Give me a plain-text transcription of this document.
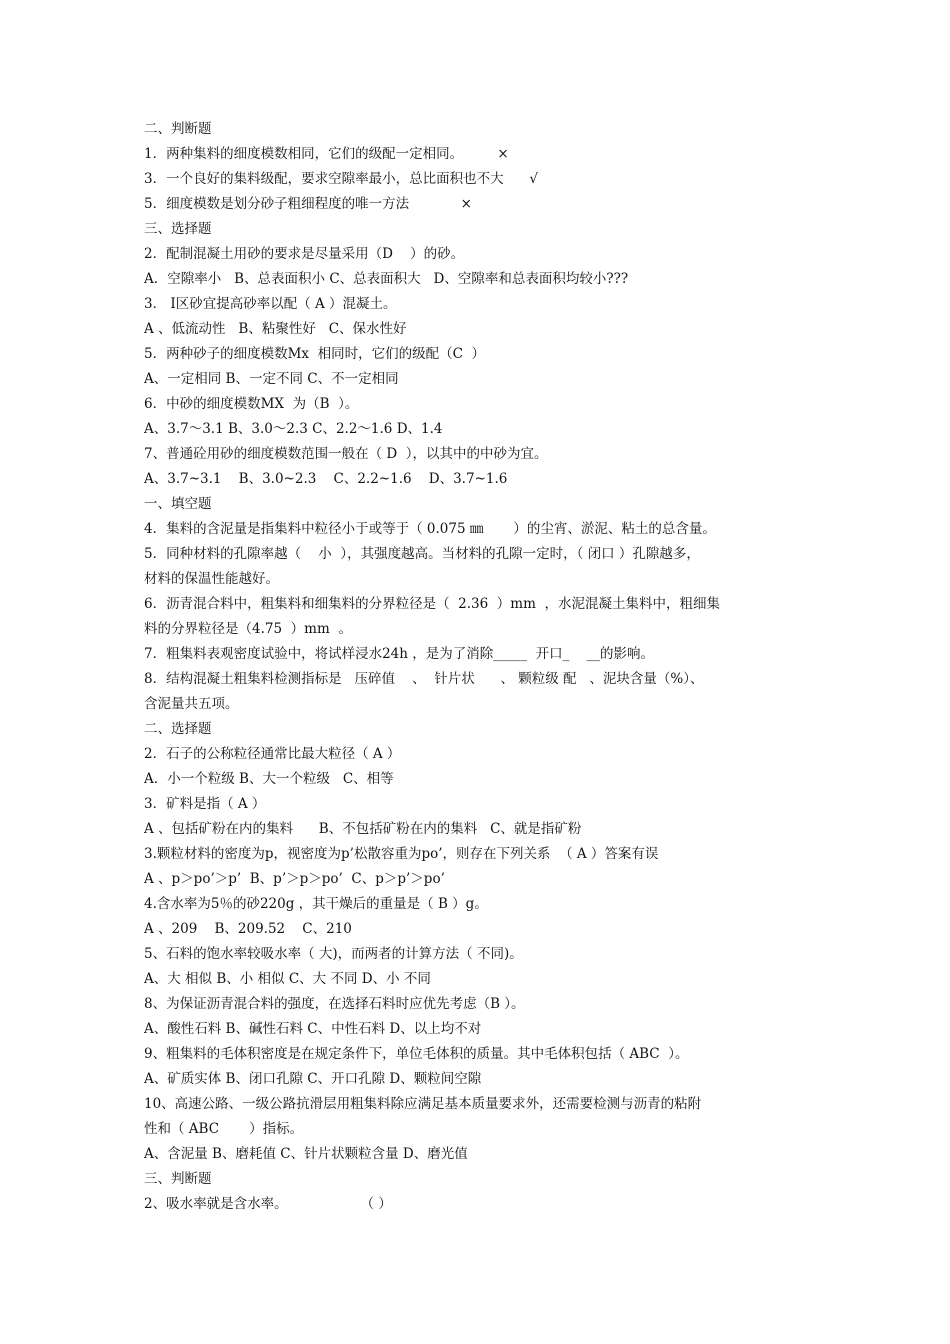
二、判断题
1．两种集料的细度模数相同，它们的级配一定相同。        ×
3．一个良好的集料级配，要求空隙率最小，总比面积也不大      √
5．细度模数是划分砂子粗细程度的唯一方法            ×
三、选择题
2．配制混凝土用砂的要求是尽量采用（D    ）的砂。
A．空隙率小   B、总表面积小 C、总表面积大   D、空隙率和总表面积均较小???
3． Ⅰ区砂宜提高砂率以配（ A ）混凝土。
A 、低流动性   B、粘聚性好   C、保水性好
5．两种砂子的细度模数Mx  相同时，它们的级配（C  ）
A、一定相同 B、一定不同 C、不一定相同
6．中砂的细度模数MX  为（B  ）。
A、3.7～3.1 B、3.0～2.3 C、2.2～1.6 D、1.4
7、普通砼用砂的细度模数范围一般在（ D  ），以其中的中砂为宜。
A、3.7~3.1    B、3.0~2.3    C、2.2~1.6    D、3.7~1.6
一、填空题
4．集料的含泥量是指集料中粒径小于或等于（ 0.075 ㎜       ）的尘宵、淤泥、粘土的总含量。
5．同种材料的孔隙率越（    小  ），其强度越高。当材料的孔隙一定时，（ 闭口 ）孔隙越多，
材料的保温性能越好。
6．沥青混合料中，粗集料和细集料的分界粒径是（  2.36  ）mm  ，水泥混凝土集料中，粗细集
料的分界粒径是（4.75  ）mm  。
7．粗集料表观密度试验中，将试样浸水24h ，是为了消除_____  开口_    __的影响。
8．结构混凝土粗集料检测指标是   压碎值    、  针片状      、 颗粒级 配   、泥块含量（%）、
含泥量共五项。
二、选择题
2．石子的公称粒径通常比最大粒径（ A ）
A．小一个粒级 B、大一个粒级   C、相等
3．矿料是指（ A ）
A 、包括矿粉在内的集料      B、不包括矿粉在内的集料   C、就是指矿粉
3.颗粒材料的密度为p，视密度为p’松散容重为po’，则存在下列关系  （ A ）答案有误
A 、p＞po’＞p’  B、p’＞p＞po’  C、p＞p’＞po’
4.含水率为5％的砂220g ，其干燥后的重量是（ B ）g。
A 、209    B、209.52    C、210
5、石料的饱水率较吸水率（ 大)，而两者的计算方法（ 不同)。
A、大 相似 B、小 相似 C、大 不同 D、小 不同
8、为保证沥青混合料的强度，在选择石料时应优先考虑（B ）。
A、酸性石料 B、碱性石料 C、中性石料 D、以上均不对
9、粗集料的毛体积密度是在规定条件下，单位毛体积的质量。其中毛体积包括（ ABC  ）。
A、矿质实体 B、闭口孔隙 C、开口孔隙 D、颗粒间空隙
10、高速公路、一级公路抗滑层用粗集料除应满足基本质量要求外，还需要检测与沥青的粘附
性和（ ABC       ）指标。
A、含泥量 B、磨耗值 C、针片状颗粒含量 D、磨光值
三、判断题
2、吸水率就是含水率。                 （ ）
